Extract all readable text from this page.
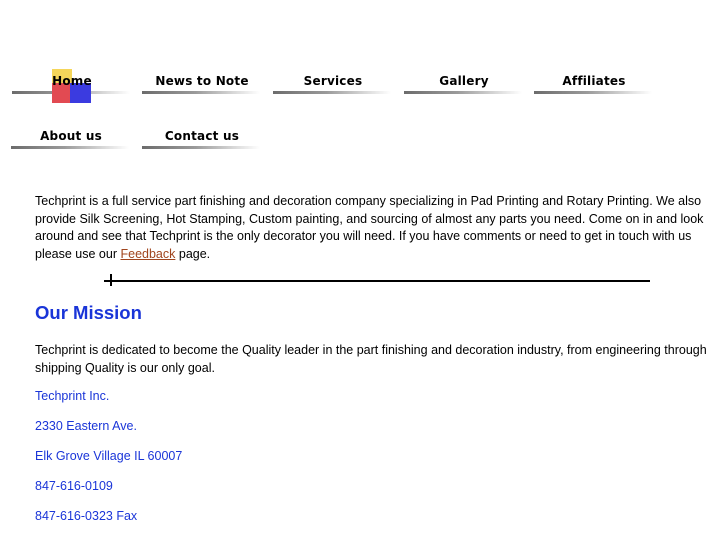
Home	News to Note	Services	Gallery	Affiliates
About us	Contact us

Techprint is a full service part finishing and decoration company specializing in Pad Printing and Rotary Printing. We also provide Silk Screening, Hot Stamping, Custom painting, and sourcing of almost any parts you need. Come on in and look around and see that Techprint is the only decorator you will need. If you have comments or need to get in touch with us please use our Feedback page.

Our Mission

Techprint is dedicated to become the Quality leader in the part finishing and decoration industry, from engineering through shipping Quality is our only goal.

Techprint Inc.
2330 Eastern Ave.
Elk Grove Village IL 60007
847-616-0109
847-616-0323 Fax
